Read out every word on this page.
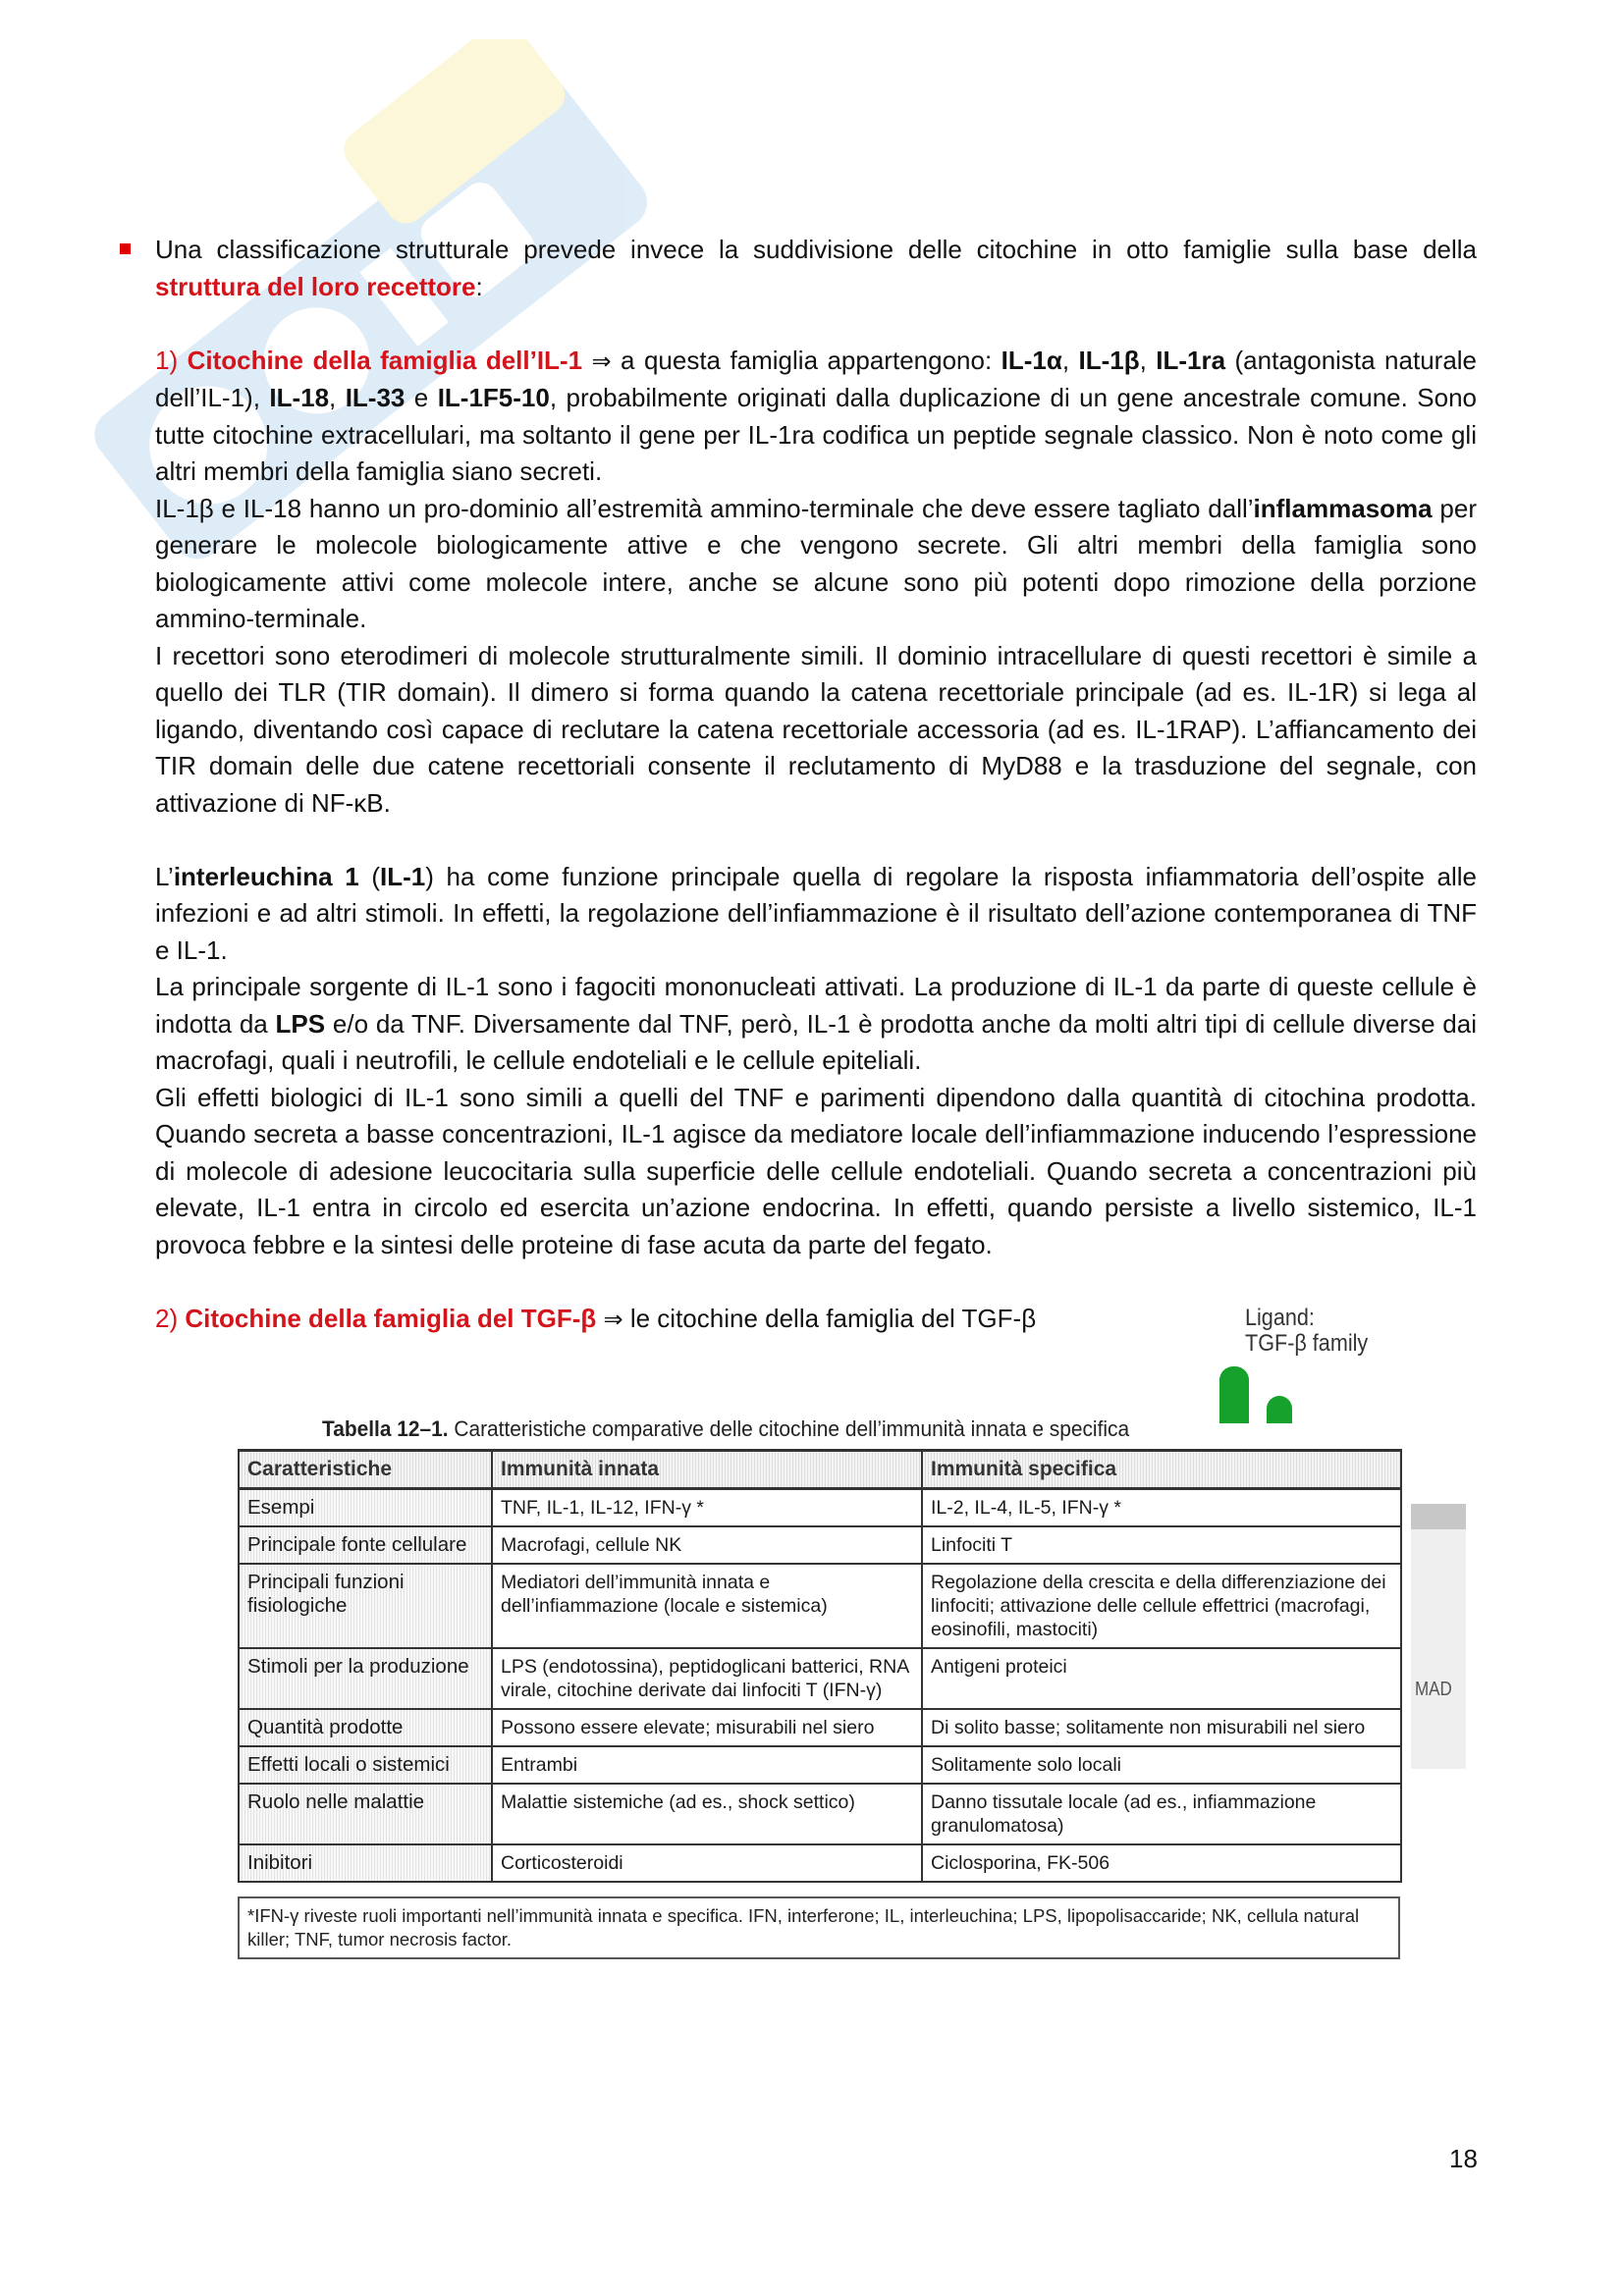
Una classificazione strutturale prevede invece la suddivisione delle citochine in otto famiglie sulla base della struttura del loro recettore:

1) Citochine della famiglia dell’IL-1 ⇒ a questa famiglia appartengono: IL-1α, IL-1β, IL-1ra (antagonista naturale dell’IL-1), IL-18, IL-33 e IL-1F5-10, probabilmente originati dalla duplicazione di un gene ancestrale comune. Sono tutte citochine extracellulari, ma soltanto il gene per IL-1ra codifica un peptide segnale classico. Non è noto come gli altri membri della famiglia siano secreti.

IL-1β e IL-18 hanno un pro-dominio all’estremità ammino-terminale che deve essere tagliato dall’inflammasoma per generare le molecole biologicamente attive e che vengono secrete. Gli altri membri della famiglia sono biologicamente attivi come molecole intere, anche se alcune sono più potenti dopo rimozione della porzione ammino-terminale.

I recettori sono eterodimeri di molecole strutturalmente simili. Il dominio intracellulare di questi recettori è simile a quello dei TLR (TIR domain). Il dimero si forma quando la catena recettoriale principale (ad es. IL-1R) si lega al ligando, diventando così capace di reclutare la catena recettoriale accessoria (ad es. IL-1RAP). L’affiancamento dei TIR domain delle due catene recettoriali consente il reclutamento di MyD88 e la trasduzione del segnale, con attivazione di NF-κB.

L’interleuchina 1 (IL-1) ha come funzione principale quella di regolare la risposta infiammatoria dell’ospite alle infezioni e ad altri stimoli. In effetti, la regolazione dell’infiammazione è il risultato dell’azione contemporanea di TNF e IL-1.

La principale sorgente di IL-1 sono i fagociti mononucleati attivati. La produzione di IL-1 da parte di queste cellule è indotta da LPS e/o da TNF. Diversamente dal TNF, però, IL-1 è prodotta anche da molti altri tipi di cellule diverse dai macrofagi, quali i neutrofili, le cellule endoteliali e le cellule epiteliali.

Gli effetti biologici di IL-1 sono simili a quelli del TNF e parimenti dipendono dalla quantità di citochina prodotta. Quando secreta a basse concentrazioni, IL-1 agisce da mediatore locale dell’infiammazione inducendo l’espressione di molecole di adesione leucocitaria sulla superficie delle cellule endoteliali. Quando secreta a concentrazioni più elevate, IL-1 entra in circolo ed esercita un’azione endocrina. In effetti, quando persiste a livello sistemico, IL-1 provoca febbre e la sintesi delle proteine di fase acuta da parte del fegato.

2) Citochine della famiglia del TGF-β ⇒ le citochine della famiglia del TGF-β	Ligand:
TGF-β family
MAD
Tabella 12–1. Caratteristiche comparative delle citochine dell’immunità innata e specifica
Caratteristiche	Immunità innata	Immunità specifica
Esempi	TNF, IL-1, IL-12, IFN-γ *	IL-2, IL-4, IL-5, IFN-γ *
Principale fonte cellulare	Macrofagi, cellule NK	Linfociti T
Principali funzioni fisiologiche	Mediatori dell’immunità innata e dell’infiammazione (locale e sistemica)	Regolazione della crescita e della differenziazione dei linfociti; attivazione delle cellule effettrici (macrofagi, eosinofili, mastociti)
Stimoli per la produzione	LPS (endotossina), peptidoglicani batterici, RNA virale, citochine derivate dai linfociti T (IFN-γ)	Antigeni proteici
Quantità prodotte	Possono essere elevate; misurabili nel siero	Di solito basse; solitamente non misurabili nel siero
Effetti locali o sistemici	Entrambi	Solitamente solo locali
Ruolo nelle malattie	Malattie sistemiche (ad es., shock settico)	Danno tissutale locale (ad es., infiammazione granulomatosa)
Inibitori	Corticosteroidi	Ciclosporina, FK-506
*IFN-γ riveste ruoli importanti nell’immunità innata e specifica. IFN, interferone; IL, interleuchina; LPS, lipopolisaccaride; NK, cellula natural killer; TNF, tumor necrosis factor.
18
